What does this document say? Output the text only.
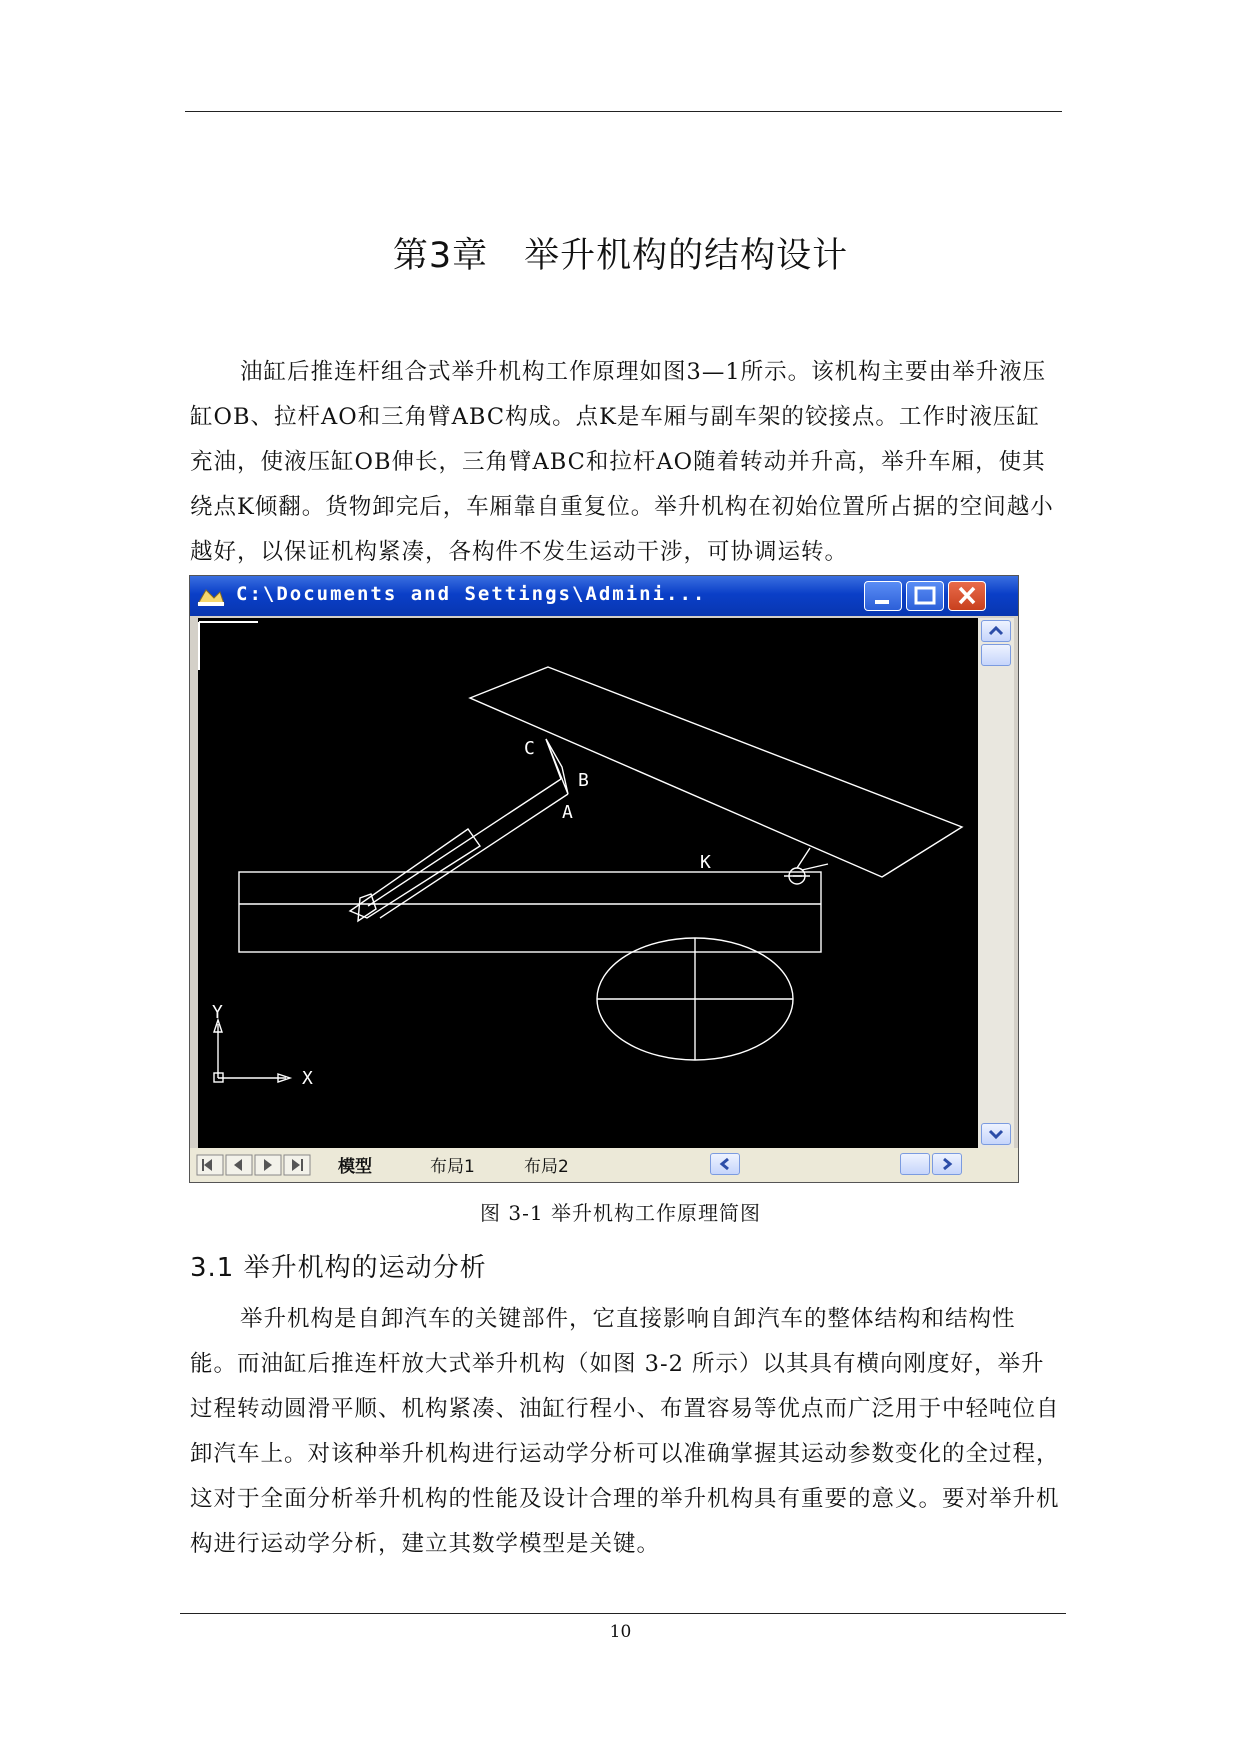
第3章　举升机构的结构设计

油缸后推连杆组合式举升机构工作原理如图3—1所示。该机构主要由举升液压缸OB、拉杆AO和三角臂ABC构成。点K是车厢与副车架的铰接点。工作时液压缸充油，使液压缸OB伸长，三角臂ABC和拉杆AO随着转动并升高，举升车厢，使其绕点K倾翻。货物卸完后，车厢靠自重复位。举升机构在初始位置所占据的空间越小越好，以保证机构紧凑，各构件不发生运动干涉，可协调运转。

C:\Documents and Settings\Admini...
C
B
A
K
Y
X
模型	布局1	布局2
图 3-1 举升机构工作原理简图
3.1 举升机构的运动分析

举升机构是自卸汽车的关键部件，它直接影响自卸汽车的整体结构和结构性能。而油缸后推连杆放大式举升机构（如图 3-2 所示）以其具有横向刚度好，举升过程转动圆滑平顺、机构紧凑、油缸行程小、布置容易等优点而广泛用于中轻吨位自卸汽车上。对该种举升机构进行运动学分析可以准确掌握其运动参数变化的全过程，这对于全面分析举升机构的性能及设计合理的举升机构具有重要的意义。要对举升机构进行运动学分析，建立其数学模型是关键。

10
